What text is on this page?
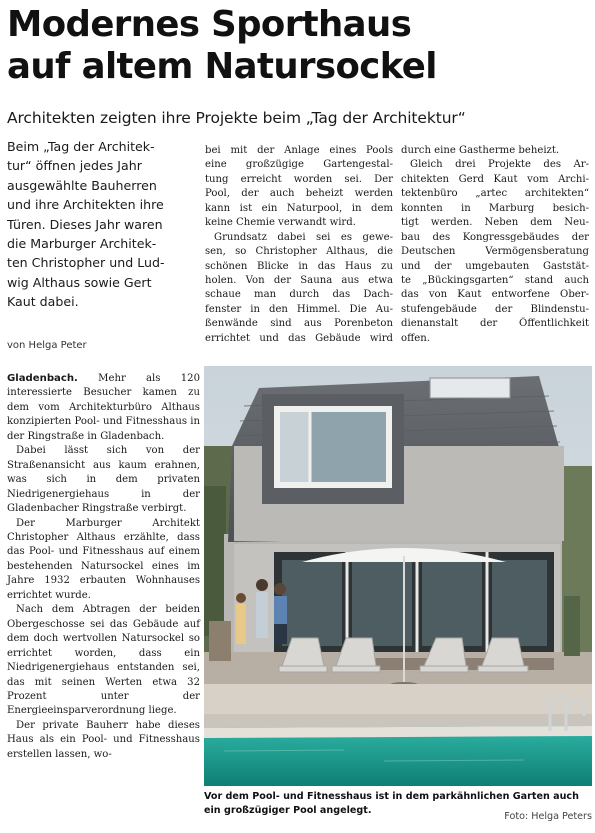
Modernes Sporthaus
auf altem Natursockel
Architekten zeigten ihre Projekte beim „Tag der Architektur“
Beim „Tag der Architek-
tur“ öffnen jedes Jahr
ausgewählte Bauherren
und ihre Architekten ihre
Türen. Dieses Jahr waren
die Marburger Architek-
ten Christopher und Lud-
wig Althaus sowie Gert
Kaut dabei.
von Helga Peter

Gladenbach. Mehr als 120 interessierte Besucher kamen zu dem vom Architekturbüro Althaus konzipierten Pool- und Fitnesshaus in der Ringstraße in Gladenbach.

Dabei lässt sich von der Straßenansicht aus kaum erahnen, was sich in dem privaten Niedrigenergiehaus in der Gladenbacher Ringstraße verbirgt.

Der Marburger Architekt Christopher Althaus erzählte, dass das Pool- und Fitnesshaus auf einem bestehenden Natursockel eines im Jahre 1932 erbauten Wohnhauses errichtet wurde.

Nach dem Abtragen der beiden Obergeschosse sei das Gebäude auf dem doch wertvollen Natursockel so errichtet worden, dass ein Niedrigenergiehaus entstanden sei, das mit seinen Werten etwa 32 Prozent unter der Energieeinsparverordnung liege.

Der private Bauherr habe dieses Haus als ein Pool- und Fitnesshaus erstellen lassen, wo-

bei mit der Anlage eines Pools
eine großzügige Gartengestal-
tung erreicht worden sei. Der
Pool, der auch beheizt werden
kann ist ein Naturpool, in dem
keine Chemie verwandt wird.
Grundsatz dabei sei es gewe-
sen, so Christopher Althaus, die
schönen Blicke in das Haus zu
holen. Von der Sauna aus etwa
schaue man durch das Dach-
fenster in den Himmel. Die Au-
ßenwände sind aus Porenbeton
errichtet und das Gebäude wird
durch eine Gastherme beheizt.
Gleich drei Projekte des Ar-
chitekten Gerd Kaut vom Archi-
tektenbüro „artec architekten“
konnten in Marburg besich-
tigt werden. Neben dem Neu-
bau des Kongressgebäudes der
Deutschen Vermögensberatung
und der umgebauten Gaststät-
te „Bückingsgarten“ stand auch
das von Kaut entworfene Ober-
stufengebäude der Blindenstu-
dienanstalt der Öffentlichkeit
offen.
Vor dem Pool- und Fitnesshaus ist in dem parkähnlichen Garten auch ein großzügiger Pool angelegt.
Foto: Helga Peters
